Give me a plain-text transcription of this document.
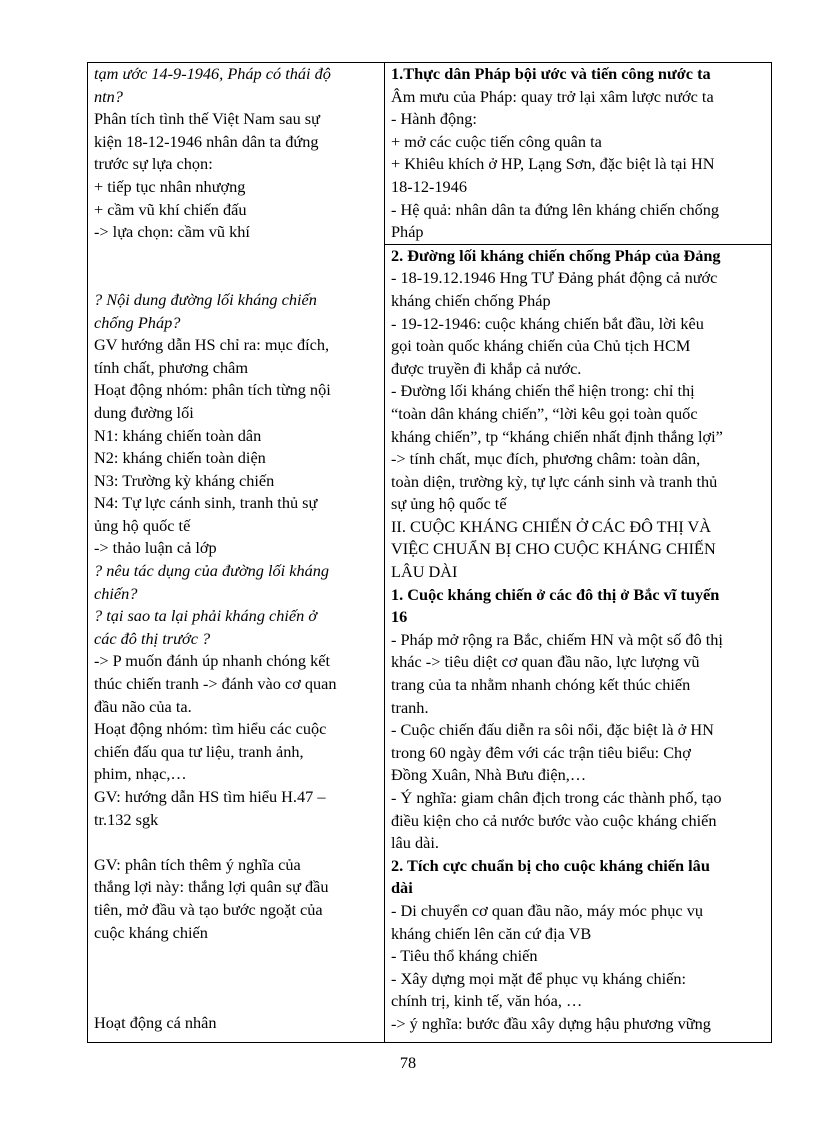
tạm ước 14-9-1946, Pháp có thái độ
ntn?
Phân tích tình thế Việt Nam sau sự
kiện 18-12-1946 nhân dân ta đứng
trước sự lựa chọn:
+ tiếp tục nhân nhượng
+ cầm vũ khí chiến đấu
-> lựa chọn: cầm vũ khí
? Nội dung đường lối kháng chiến
chống Pháp?
GV hướng dẫn HS chỉ ra: mục đích,
tính chất, phương châm
Hoạt động nhóm: phân tích từng nội
dung đường lối
N1: kháng chiến toàn dân
N2: kháng chiến toàn diện
N3: Trường kỳ kháng chiến
N4: Tự lực cánh sinh, tranh thủ sự
ủng hộ quốc tế
-> thảo luận cả lớp
? nêu tác dụng của đường lối kháng
chiến?
? tại sao ta lại phải kháng chiến ở
các đô thị trước ?
-> P muốn đánh úp nhanh chóng kết
thúc chiến tranh -> đánh vào cơ quan
đầu não của ta.
Hoạt động nhóm: tìm hiểu các cuộc
chiến đấu qua tư liệu, tranh ảnh,
phim, nhạc,…
GV: hướng dẫn HS tìm hiểu H.47 –
tr.132 sgk
GV: phân tích thêm ý nghĩa của
thắng lợi này: thắng lợi quân sự đầu
tiên, mở đầu và tạo bước ngoặt của
cuộc kháng chiến
Hoạt động cá nhân
1.Thực dân Pháp bội ước và tiến công nước ta
Âm mưu của Pháp: quay trở lại xâm lược nước ta
- Hành động:
+ mở các cuộc tiến công quân ta
+ Khiêu khích ở HP, Lạng Sơn, đặc biệt là tại HN
18-12-1946
- Hệ quả: nhân dân ta đứng lên kháng chiến chống
Pháp
2. Đường lối kháng chiến chống Pháp của Đảng
- 18-19.12.1946 Hng TƯ Đảng phát động cả nước
kháng chiến chống Pháp
- 19-12-1946: cuộc kháng chiến bắt đầu, lời kêu
gọi toàn quốc kháng chiến của Chủ tịch HCM
được truyền đi khắp cả nước.
- Đường lối kháng chiến thể hiện trong: chỉ thị
“toàn dân kháng chiến”, “lời kêu gọi toàn quốc
kháng chiến”, tp “kháng chiến nhất định thắng lợi”
-> tính chất, mục đích, phương châm: toàn dân,
toàn diện, trường kỳ, tự lực cánh sinh và tranh thủ
sự ủng hộ quốc tế
II. CUỘC KHÁNG CHIẾN Ở CÁC ĐÔ THỊ VÀ
VIỆC CHUẨN BỊ CHO CUỘC KHÁNG CHIẾN
LÂU DÀI
1. Cuộc kháng chiến ở các đô thị ở Bắc vĩ tuyến
16
- Pháp mở rộng ra Bắc, chiếm HN và một số đô thị
khác -> tiêu diệt cơ quan đầu não, lực lượng vũ
trang của ta nhằm nhanh chóng kết thúc chiến
tranh.
- Cuộc chiến đấu diễn ra sôi nổi, đặc biệt là ở HN
trong 60 ngày đêm với các trận tiêu biểu: Chợ
Đồng Xuân, Nhà Bưu điện,…
- Ý nghĩa: giam chân địch trong các thành phố, tạo
điều kiện cho cả nước bước vào cuộc kháng chiến
lâu dài.
2. Tích cực chuẩn bị cho cuộc kháng chiến lâu
dài
- Di chuyển cơ quan đầu não, máy móc phục vụ
kháng chiến lên căn cứ địa VB
- Tiêu thổ kháng chiến
- Xây dựng mọi mặt để phục vụ kháng chiến:
chính trị, kinh tế, văn hóa, …
-> ý nghĩa: bước đầu xây dựng hậu phương vững
78
